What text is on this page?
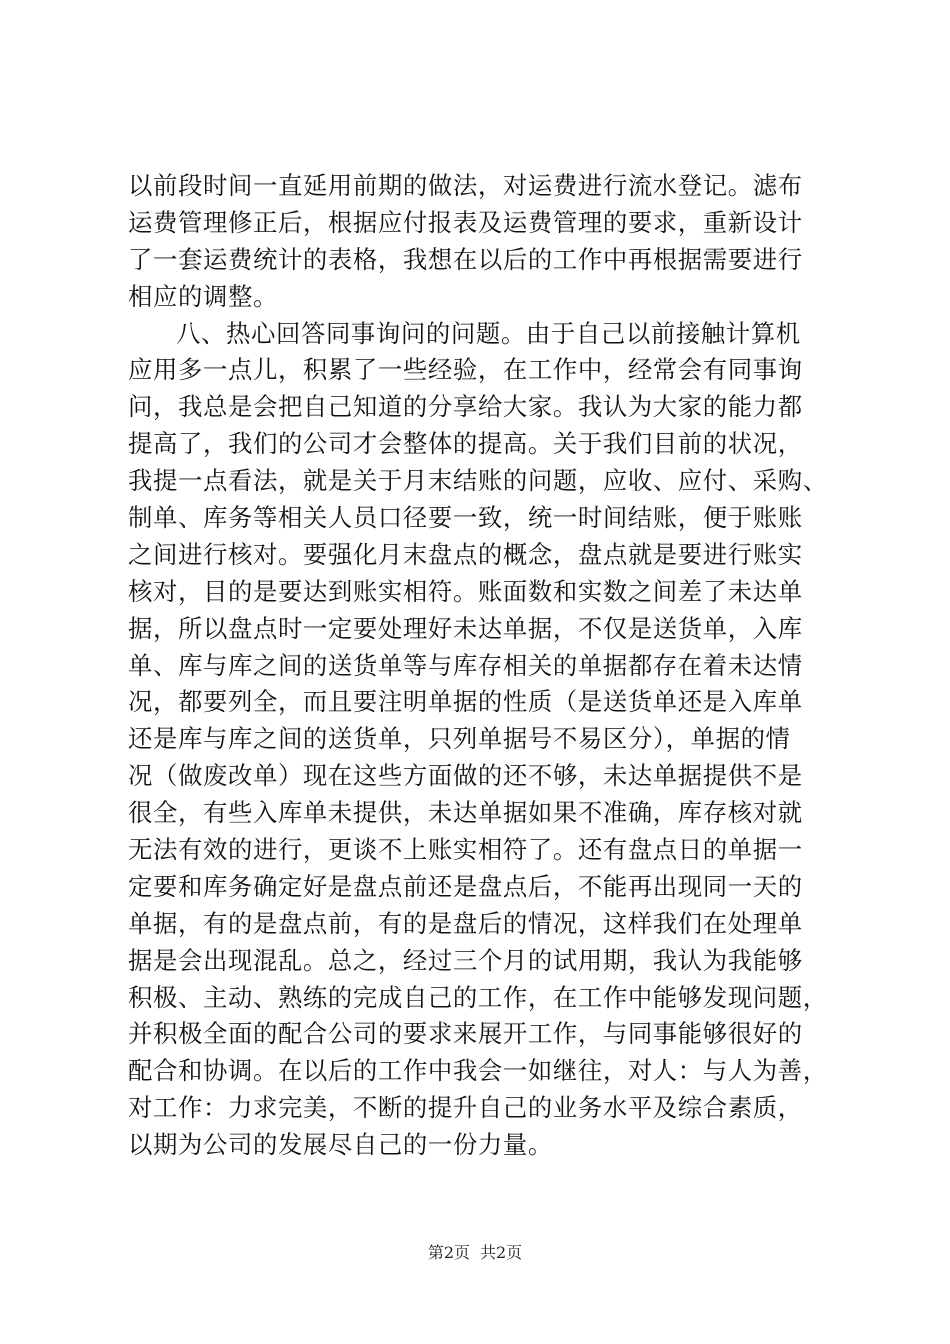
以前段时间一直延用前期的做法，对运费进行流水登记。滤布
运费管理修正后，根据应付报表及运费管理的要求，重新设计
了一套运费统计的表格，我想在以后的工作中再根据需要进行
相应的调整。
八、热心回答同事询问的问题。由于自己以前接触计算机
应用多一点儿，积累了一些经验，在工作中，经常会有同事询
问，我总是会把自己知道的分享给大家。我认为大家的能力都
提高了，我们的公司才会整体的提高。关于我们目前的状况，
我提一点看法，就是关于月末结账的问题，应收、应付、采购、
制单、库务等相关人员口径要一致，统一时间结账，便于账账
之间进行核对。要强化月末盘点的概念，盘点就是要进行账实
核对，目的是要达到账实相符。账面数和实数之间差了未达单
据，所以盘点时一定要处理好未达单据，不仅是送货单，入库
单、库与库之间的送货单等与库存相关的单据都存在着未达情
况，都要列全，而且要注明单据的性质（是送货单还是入库单
还是库与库之间的送货单，只列单据号不易区分），单据的情
况（做废改单）现在这些方面做的还不够，未达单据提供不是
很全，有些入库单未提供，未达单据如果不准确，库存核对就
无法有效的进行，更谈不上账实相符了。还有盘点日的单据一
定要和库务确定好是盘点前还是盘点后，不能再出现同一天的
单据，有的是盘点前，有的是盘后的情况，这样我们在处理单
据是会出现混乱。总之，经过三个月的试用期，我认为我能够
积极、主动、熟练的完成自己的工作，在工作中能够发现问题，
并积极全面的配合公司的要求来展开工作，与同事能够很好的
配合和协调。在以后的工作中我会一如继往，对人：与人为善，
对工作：力求完美，不断的提升自己的业务水平及综合素质，
以期为公司的发展尽自己的一份力量。
第2页 共2页
